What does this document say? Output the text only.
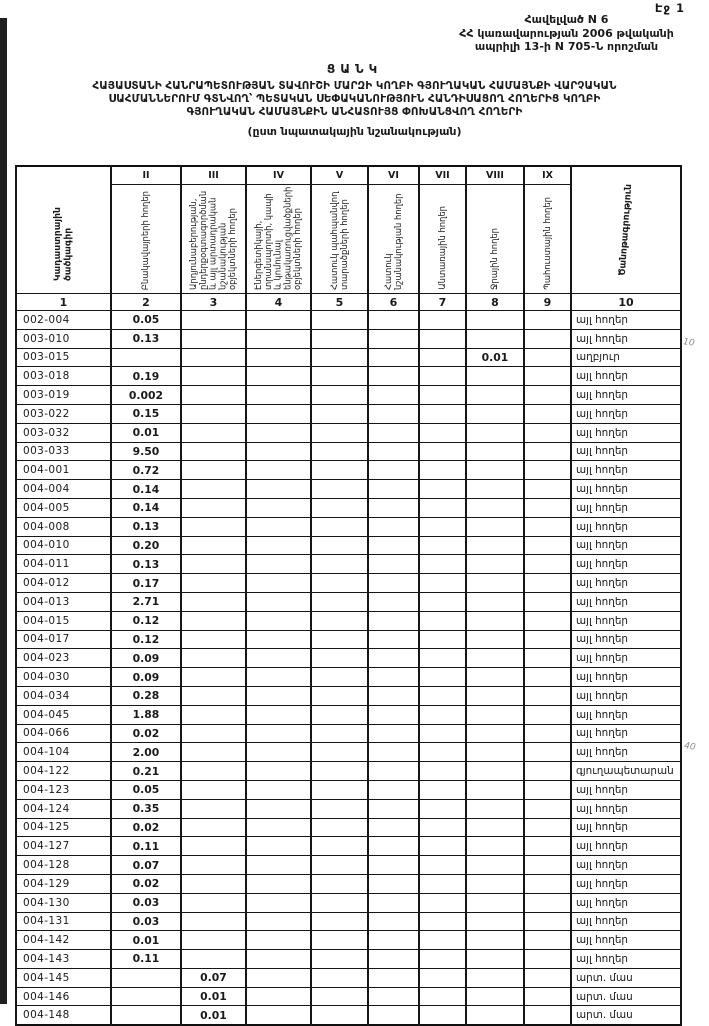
Էջ 1
Հավելված N 6
ՀՀ կառավարության 2006 թվականի
ապրիլի 13-ի N 705-Ն որոշման
ՑԱՆԿ
ՀԱՅԱՍՏԱՆԻ ՀԱՆՐԱՊԵՏՈՒԹՅԱՆ ՏԱՎՈՒՇԻ ՄԱՐԶԻ ԿՈՂԲԻ ԳՅՈՒՂԱԿԱՆ ՀԱՄԱՅՆՔԻ ՎԱՐՉԱԿԱՆ
ՍԱՀՄԱՆՆԵՐՈՒՄ ԳՏՆՎՈՂ՝ ՊԵՏԱԿԱՆ ՍԵՓԱԿԱՆՈՒԹՅՈՒՆ ՀԱՆԴԻՍԱՑՈՂ ՀՈՂԵՐԻՑ ԿՈՂԲԻ
ԳՅՈՒՂԱԿԱՆ ՀԱՄԱՅՆՔԻՆ ԱՆՀԱՏՈՒՅՑ ՓՈԽԱՆՑՎՈՂ ՀՈՂԵՐԻ
(ըստ նպատակային նշանակության)
Կադաստրային ծածկագիր	II	III	IV	V	VI	VII	VIII	IX	Ծանոթագրություն

	Բնակավայրերի հողեր	Արդյունաբերության, ընդերքօգտագործման և այլ արտադրական նշանակության օբյեկտների հողեր	Էներգետիկայի, տրանսպորտի, կապի և կոմունալ ենթակառուցվածքների օբյեկտների հողեր	Հատուկ պահպանվող տարածքների հողեր	Հատուկ նշանակության հողեր	Անտառային հողեր	Ջրային հողեր	Պահուստային հողեր	

1	2	3	4	5	6	7	8	9	10
002-004	0.05								այլ հողեր
003-010	0.13								այլ հողեր
003-015							0.01		աղբյուր
003-018	0.19								այլ հողեր
003-019	0.002								այլ հողեր
003-022	0.15								այլ հողեր
003-032	0.01								այլ հողեր
003-033	9.50								այլ հողեր
004-001	0.72								այլ հողեր
004-004	0.14								այլ հողեր
004-005	0.14								այլ հողեր
004-008	0.13								այլ հողեր
004-010	0.20								այլ հողեր
004-011	0.13								այլ հողեր
004-012	0.17								այլ հողեր
004-013	2.71								այլ հողեր
004-015	0.12								այլ հողեր
004-017	0.12								այլ հողեր
004-023	0.09								այլ հողեր
004-030	0.09								այլ հողեր
004-034	0.28								այլ հողեր
004-045	1.88								այլ հողեր
004-066	0.02								այլ հողեր
004-104	2.00								այլ հողեր
004-122	0.21								գյուղապետարան
004-123	0.05								այլ հողեր
004-124	0.35								այլ հողեր
004-125	0.02								այլ հողեր
004-127	0.11								այլ հողեր
004-128	0.07								այլ հողեր
004-129	0.02								այլ հողեր
004-130	0.03								այլ հողեր
004-131	0.03								այլ հողեր
004-142	0.01								այլ հողեր
004-143	0.11								այլ հողեր
004-145		0.07							արտ. մաս
004-146		0.01							արտ. մաս
004-148		0.01							արտ. մաս
10
40
